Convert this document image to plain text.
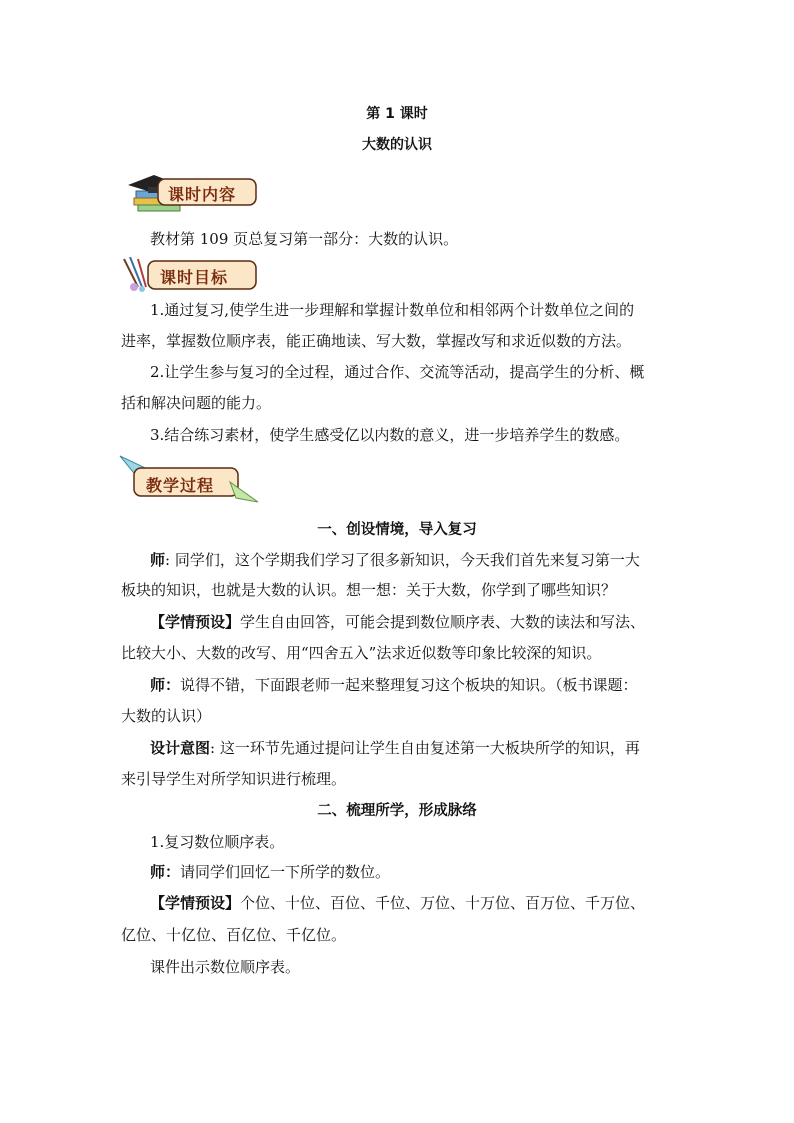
第 1 课时
大数的认识
课时内容
教材第 109 页总复习第一部分：大数的认识。
课时目标
1.通过复习,使学生进一步理解和掌握计数单位和相邻两个计数单位之间的
进率，掌握数位顺序表，能正确地读、写大数，掌握改写和求近似数的方法。
2.让学生参与复习的全过程，通过合作、交流等活动，提高学生的分析、概
括和解决问题的能力。
3.结合练习素材，使学生感受亿以内数的意义，进一步培养学生的数感。
教学过程
一、创设情境，导入复习
师: 同学们，这个学期我们学习了很多新知识，今天我们首先来复习第一大
板块的知识，也就是大数的认识。想一想：关于大数，你学到了哪些知识？
【学情预设】学生自由回答，可能会提到数位顺序表、大数的读法和写法、
比较大小、大数的改写、用“四舍五入”法求近似数等印象比较深的知识。
师：说得不错，下面跟老师一起来整理复习这个板块的知识。（板书课题：
大数的认识）
设计意图: 这一环节先通过提问让学生自由复述第一大板块所学的知识，再
来引导学生对所学知识进行梳理。
二、梳理所学，形成脉络
1.复习数位顺序表。
师：请同学们回忆一下所学的数位。
【学情预设】个位、十位、百位、千位、万位、十万位、百万位、千万位、
亿位、十亿位、百亿位、千亿位。
课件出示数位顺序表。
